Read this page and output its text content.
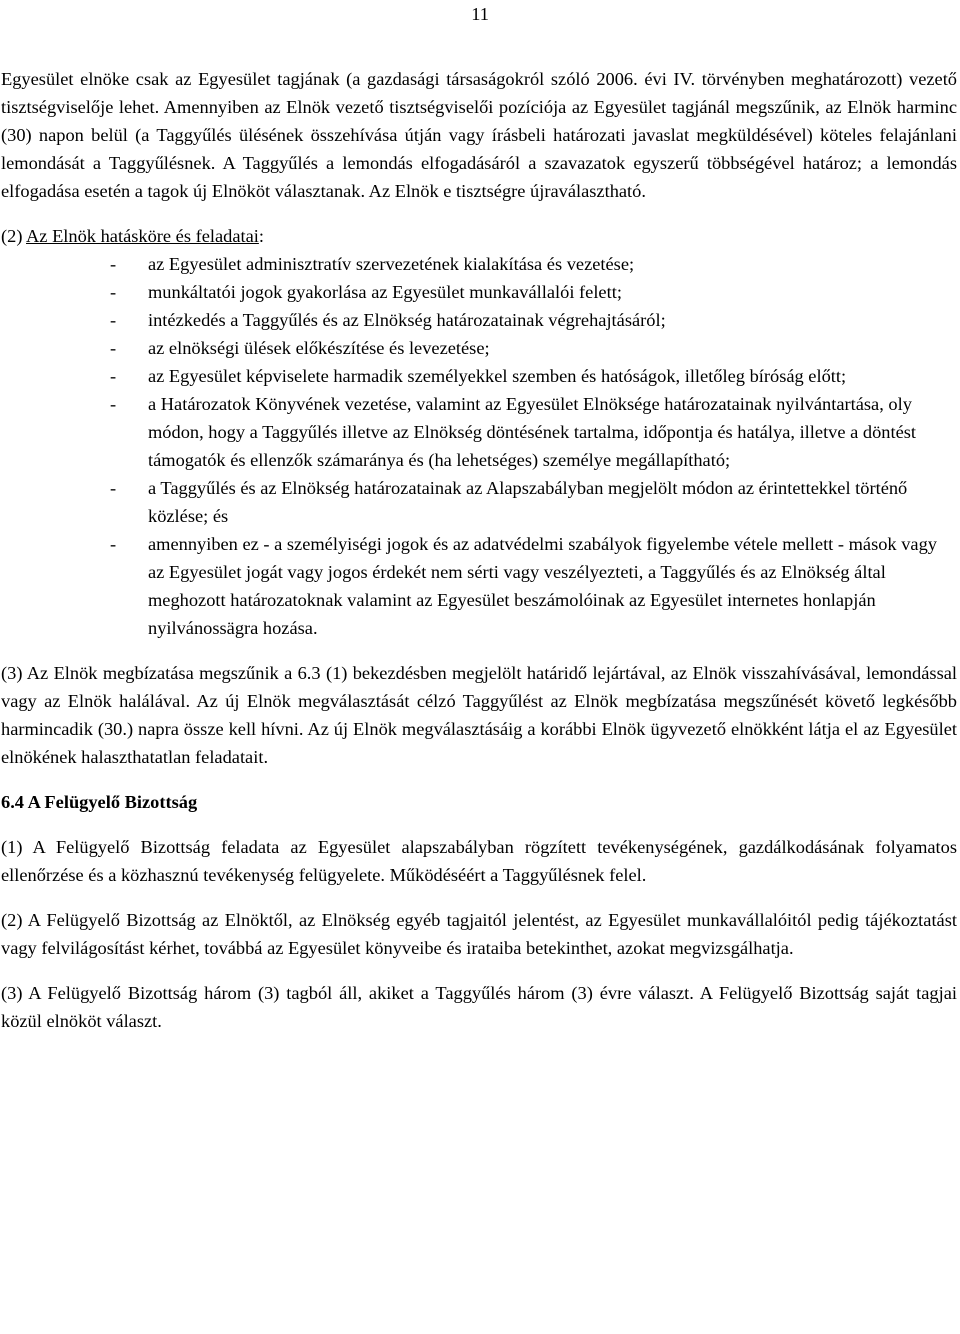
11

Egyesület elnöke csak az Egyesület tagjának (a gazdasági társaságokról szóló 2006. évi IV. törvényben meghatározott) vezető tisztségviselője lehet. Amennyiben az Elnök vezető tisztségviselői pozíciója az Egyesület tagjánál megszűnik, az Elnök harminc (30) napon belül (a Taggyűlés ülésének összehívása útján vagy írásbeli határozati javaslat megküldésével) köteles felajánlani lemondását a Taggyűlésnek. A Taggyűlés a lemondás elfogadásáról a szavazatok egyszerű többségével határoz; a lemondás elfogadása esetén a tagok új Elnököt választanak. Az Elnök e tisztségre újraválasztható.

(2) Az Elnök hatásköre és feladatai:

- az Egyesület adminisztratív szervezetének kialakítása és vezetése;
- munkáltatói jogok gyakorlása az Egyesület munkavállalói felett;
- intézkedés a Taggyűlés és az Elnökség határozatainak végrehajtásáról;
- az elnökségi ülések előkészítése és levezetése;
- az Egyesület képviselete harmadik személyekkel szemben és hatóságok, illetőleg bíróság előtt;
- a Határozatok Könyvének vezetése, valamint az Egyesület Elnöksége határozatainak nyilvántartása, oly módon, hogy a Taggyűlés illetve az Elnökség döntésének tartalma, időpontja és hatálya, illetve a döntést támogatók és ellenzők számaránya és (ha lehetséges) személye megállapítható;
- a Taggyűlés és az Elnökség határozatainak az Alapszabályban megjelölt módon az érintettekkel történő közlése; és
- amennyiben ez - a személyiségi jogok és az adatvédelmi szabályok figyelembe vétele mellett - mások vagy az Egyesület jogát vagy jogos érdekét nem sérti vagy veszélyezteti, a Taggyűlés és az Elnökség által meghozott határozatoknak valamint az Egyesület beszámolóinak az Egyesület internetes honlapján nyilvánossägra hozása.

(3) Az Elnök megbízatása megszűnik a 6.3 (1) bekezdésben megjelölt határidő lejártával, az Elnök visszahívásával, lemondással vagy az Elnök halálával. Az új Elnök megválasztását célzó Taggyűlést az Elnök megbízatása megszűnését követő legkésőbb harmincadik (30.) napra össze kell hívni. Az új Elnök megválasztásáig a korábbi Elnök ügyvezető elnökként látja el az Egyesület elnökének halaszthatatlan feladatait.

6.4 A Felügyelő Bizottság

(1) A Felügyelő Bizottság feladata az Egyesület alapszabályban rögzített tevékenységének, gazdálkodásának folyamatos ellenőrzése és a közhasznú tevékenység felügyelete. Működéséért a Taggyűlésnek felel.

(2) A Felügyelő Bizottság az Elnöktől, az Elnökség egyéb tagjaitól jelentést, az Egyesület munkavállalóitól pedig tájékoztatást vagy felvilágosítást kérhet, továbbá az Egyesület könyveibe és irataiba betekinthet, azokat megvizsgálhatja.

(3) A Felügyelő Bizottság három (3) tagból áll, akiket a Taggyűlés három (3) évre választ. A Felügyelő Bizottság saját tagjai közül elnököt választ.
